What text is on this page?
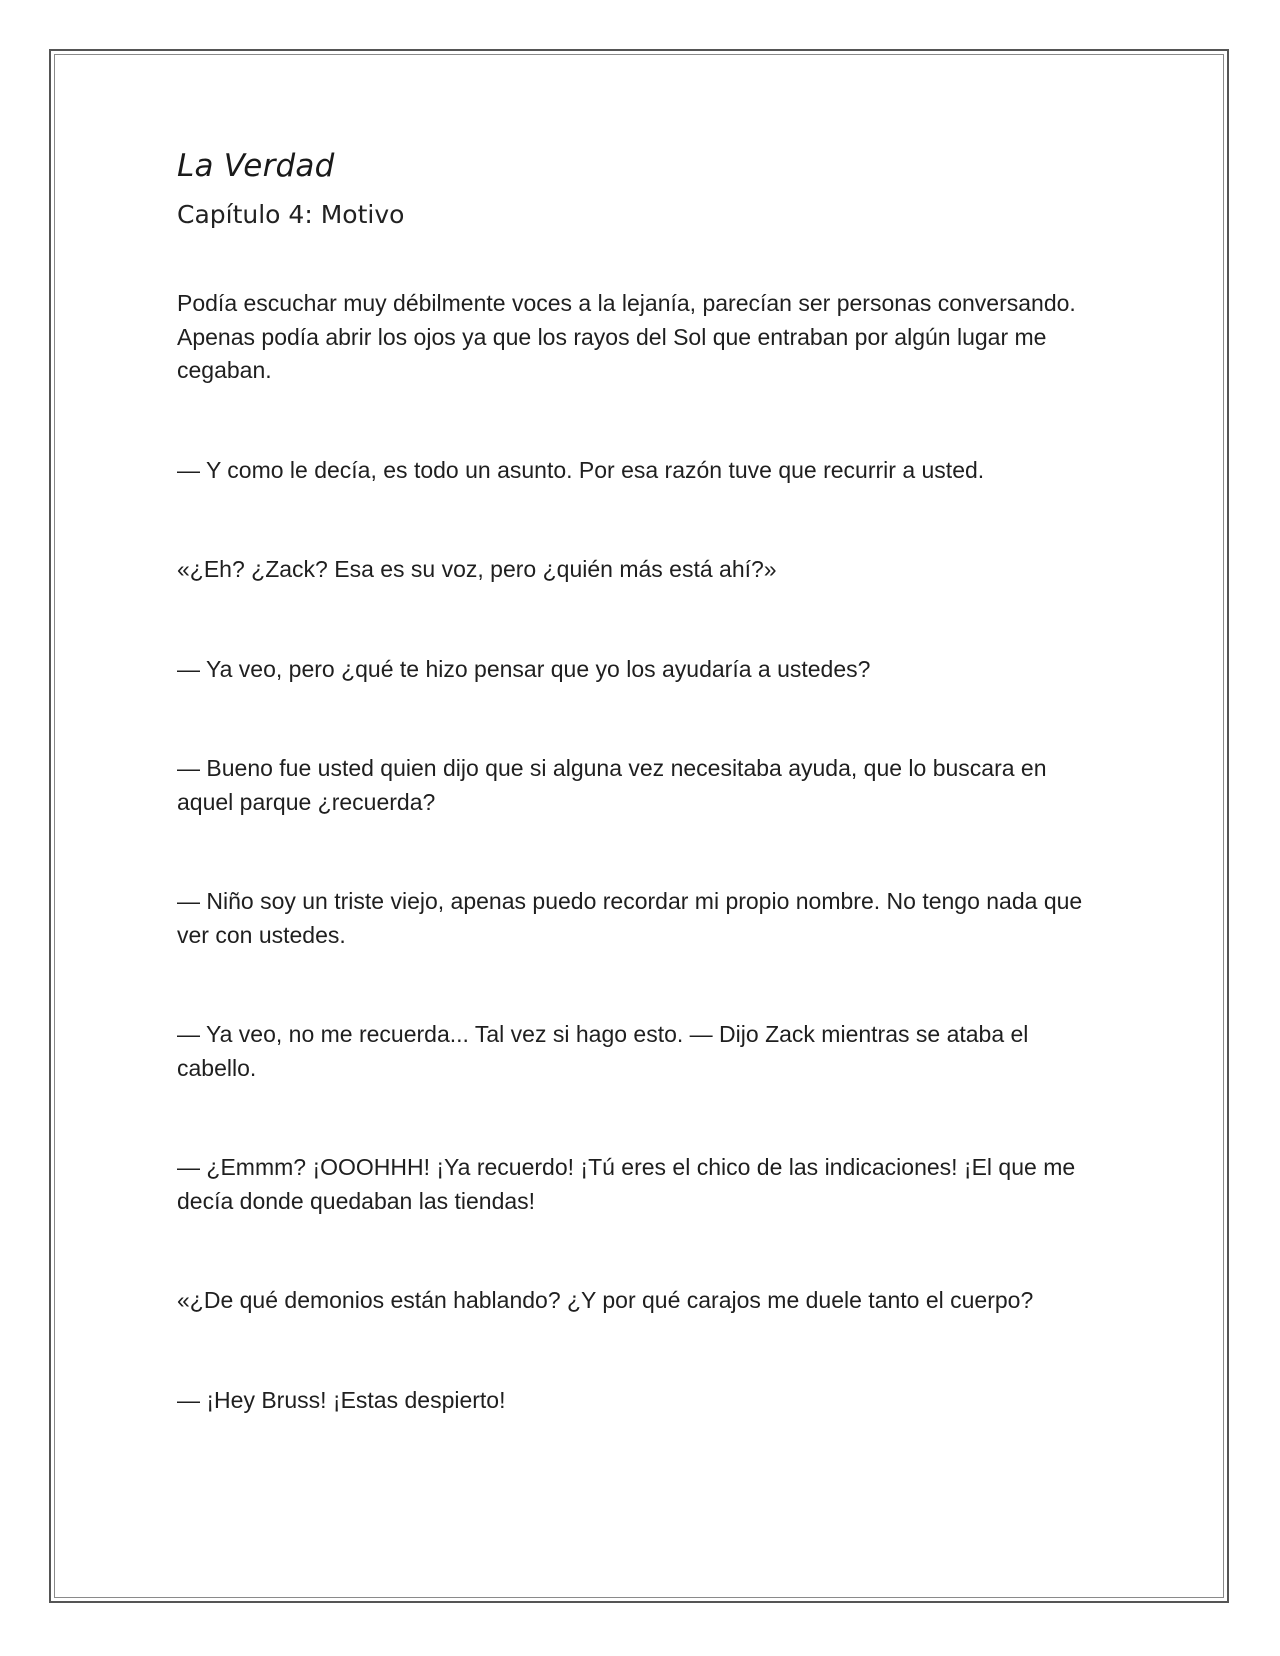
La Verdad
Capítulo 4: Motivo

Podía escuchar muy débilmente voces a la lejanía, parecían ser personas conversando. Apenas podía abrir los ojos ya que los rayos del Sol que entraban por algún lugar me cegaban.

— Y como le decía, es todo un asunto. Por esa razón tuve que recurrir a usted.

«¿Eh? ¿Zack? Esa es su voz, pero ¿quién más está ahí?»

— Ya veo, pero ¿qué te hizo pensar que yo los ayudaría a ustedes?

— Bueno fue usted quien dijo que si alguna vez necesitaba ayuda, que lo buscara en aquel parque ¿recuerda?

— Niño soy un triste viejo, apenas puedo recordar mi propio nombre. No tengo nada que ver con ustedes.

— Ya veo, no me recuerda... Tal vez si hago esto. — Dijo Zack mientras se ataba el cabello.

— ¿Emmm? ¡OOOHHH! ¡Ya recuerdo! ¡Tú eres el chico de las indicaciones! ¡El que me decía donde quedaban las tiendas!

«¿De qué demonios están hablando? ¿Y por qué carajos me duele tanto el cuerpo?

— ¡Hey Bruss! ¡Estas despierto!
